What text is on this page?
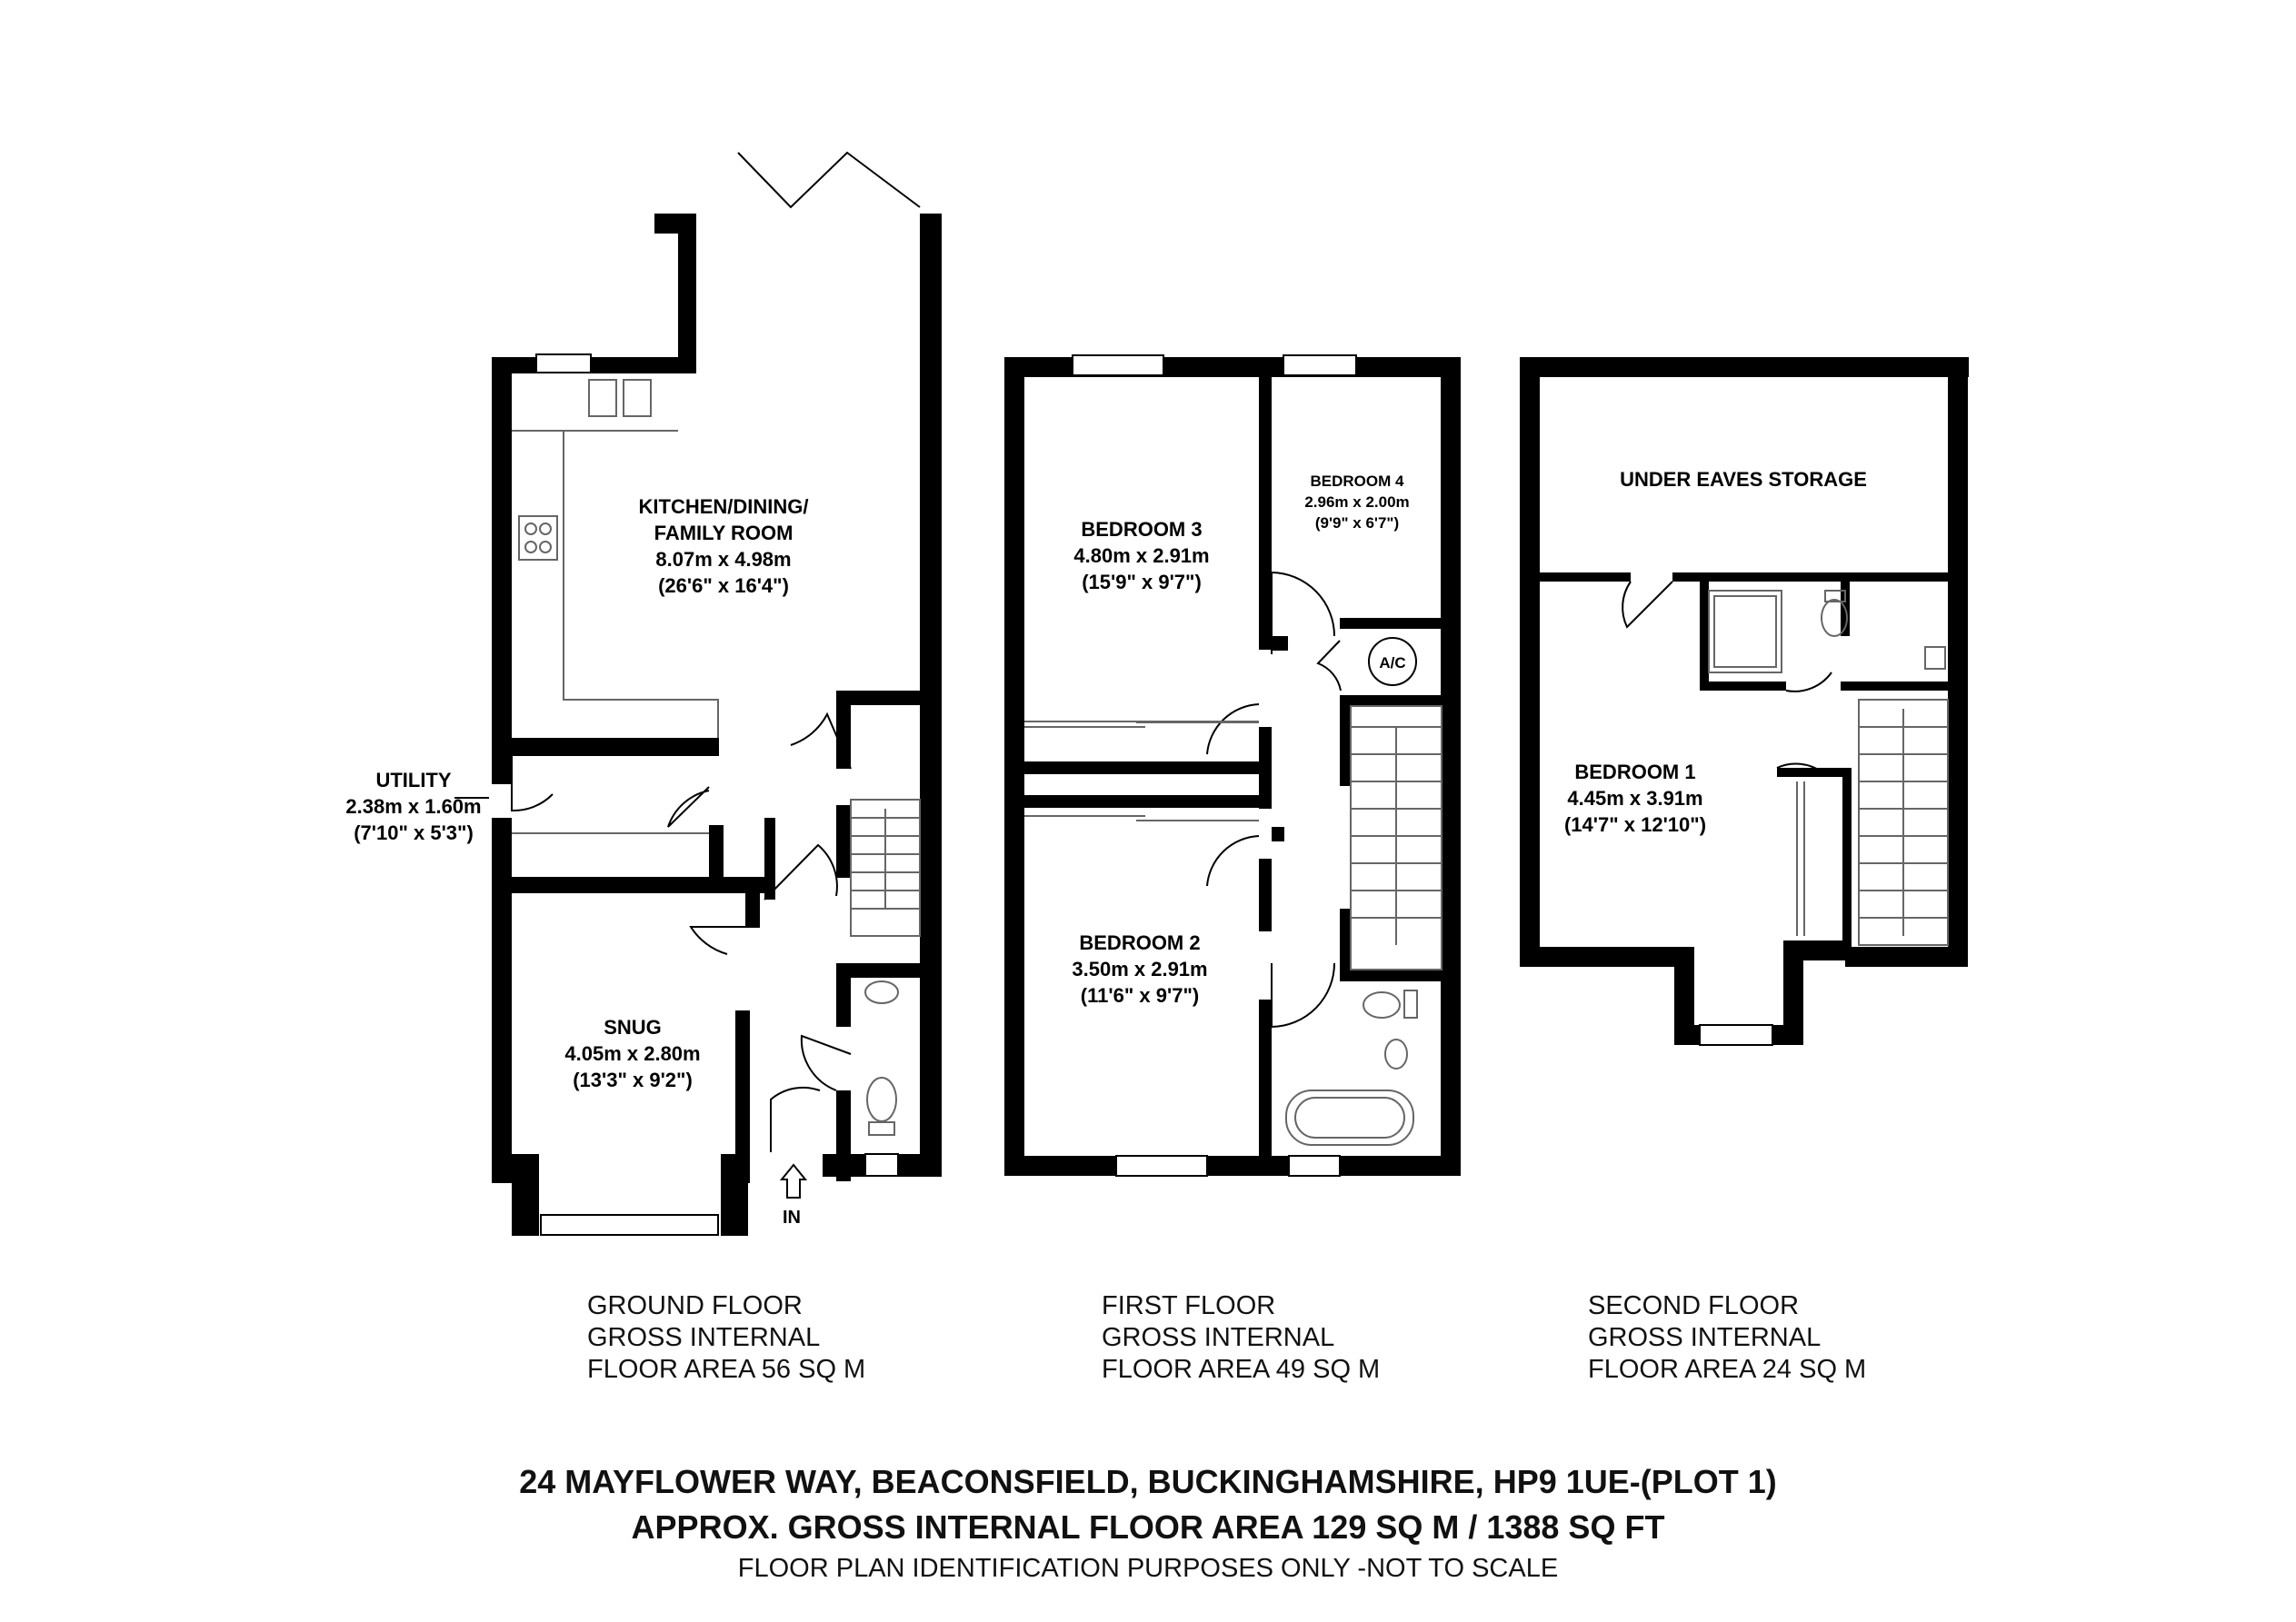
KITCHEN/DINING/
FAMILY ROOM
8.07m x 4.98m
(26'6" x 16'4")
UTILITY
2.38m x 1.60m
(7'10" x 5'3")
SNUG
4.05m x 2.80m
(13'3" x 9'2")
IN
BEDROOM 3
4.80m x 2.91m
(15'9" x 9'7")
BEDROOM 4
2.96m x 2.00m
(9'9" x 6'7")
A/C
BEDROOM 2
3.50m x 2.91m
(11'6" x 9'7")
UNDER EAVES STORAGE
BEDROOM 1
4.45m x 3.91m
(14'7" x 12'10")
GROUND FLOOR
GROSS INTERNAL
FLOOR AREA 56 SQ M
FIRST FLOOR
GROSS INTERNAL
FLOOR AREA 49 SQ M
SECOND FLOOR
GROSS INTERNAL
FLOOR AREA 24 SQ M
24 MAYFLOWER WAY, BEACONSFIELD, BUCKINGHAMSHIRE, HP9 1UE-(PLOT 1)
APPROX. GROSS INTERNAL FLOOR AREA 129 SQ M / 1388 SQ FT
FLOOR PLAN IDENTIFICATION PURPOSES ONLY -NOT TO SCALE
